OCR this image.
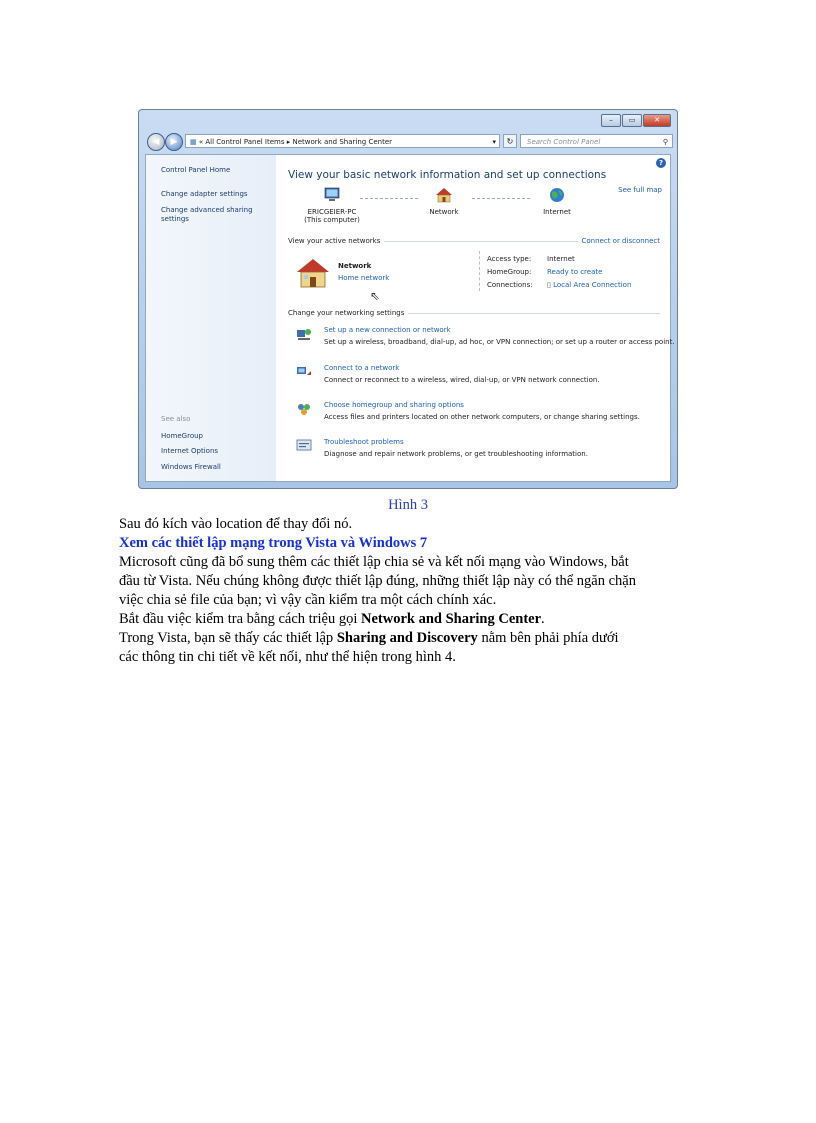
–	▭	✕
◀	▶	▦ « All Control Panel Items ▸ Network and Sharing Center	▾	↻	Search Control Panel	⚲
Control Panel Home
Change adapter settings
Change advanced sharing settings
See also
HomeGroup
Internet Options
Windows Firewall
?
View your basic network information and set up connections
See full map
ERICGEIER-PC
(This computer)
Network	Internet
View your active networks	Connect or disconnect
Network
Home network
⇖
Access type: Internet
HomeGroup: Ready to create
Connections: ▯ Local Area Connection
Change your networking settings
Set up a new connection or network
Set up a wireless, broadband, dial-up, ad hoc, or VPN connection; or set up a router or access point.
Connect to a network
Connect or reconnect to a wireless, wired, dial-up, or VPN network connection.
Choose homegroup and sharing options
Access files and printers located on other network computers, or change sharing settings.
Troubleshoot problems
Diagnose and repair network problems, or get troubleshooting information.
Hình 3
Sau đó kích vào location để thay đổi nó.
Xem các thiết lập mạng trong Vista và Windows 7
Microsoft cũng đã bổ sung thêm các thiết lập chia sẻ và kết nối mạng vào Windows, bắt
đầu từ Vista. Nếu chúng không được thiết lập đúng, những thiết lập này có thể ngăn chặn
việc chia sẻ file của bạn; vì vậy cần kiểm tra một cách chính xác.
Bắt đầu việc kiểm tra bằng cách triệu gọi Network and Sharing Center.
Trong Vista, bạn sẽ thấy các thiết lập Sharing and Discovery nằm bên phải phía dưới
các thông tin chi tiết về kết nối, như thể hiện trong hình 4.
